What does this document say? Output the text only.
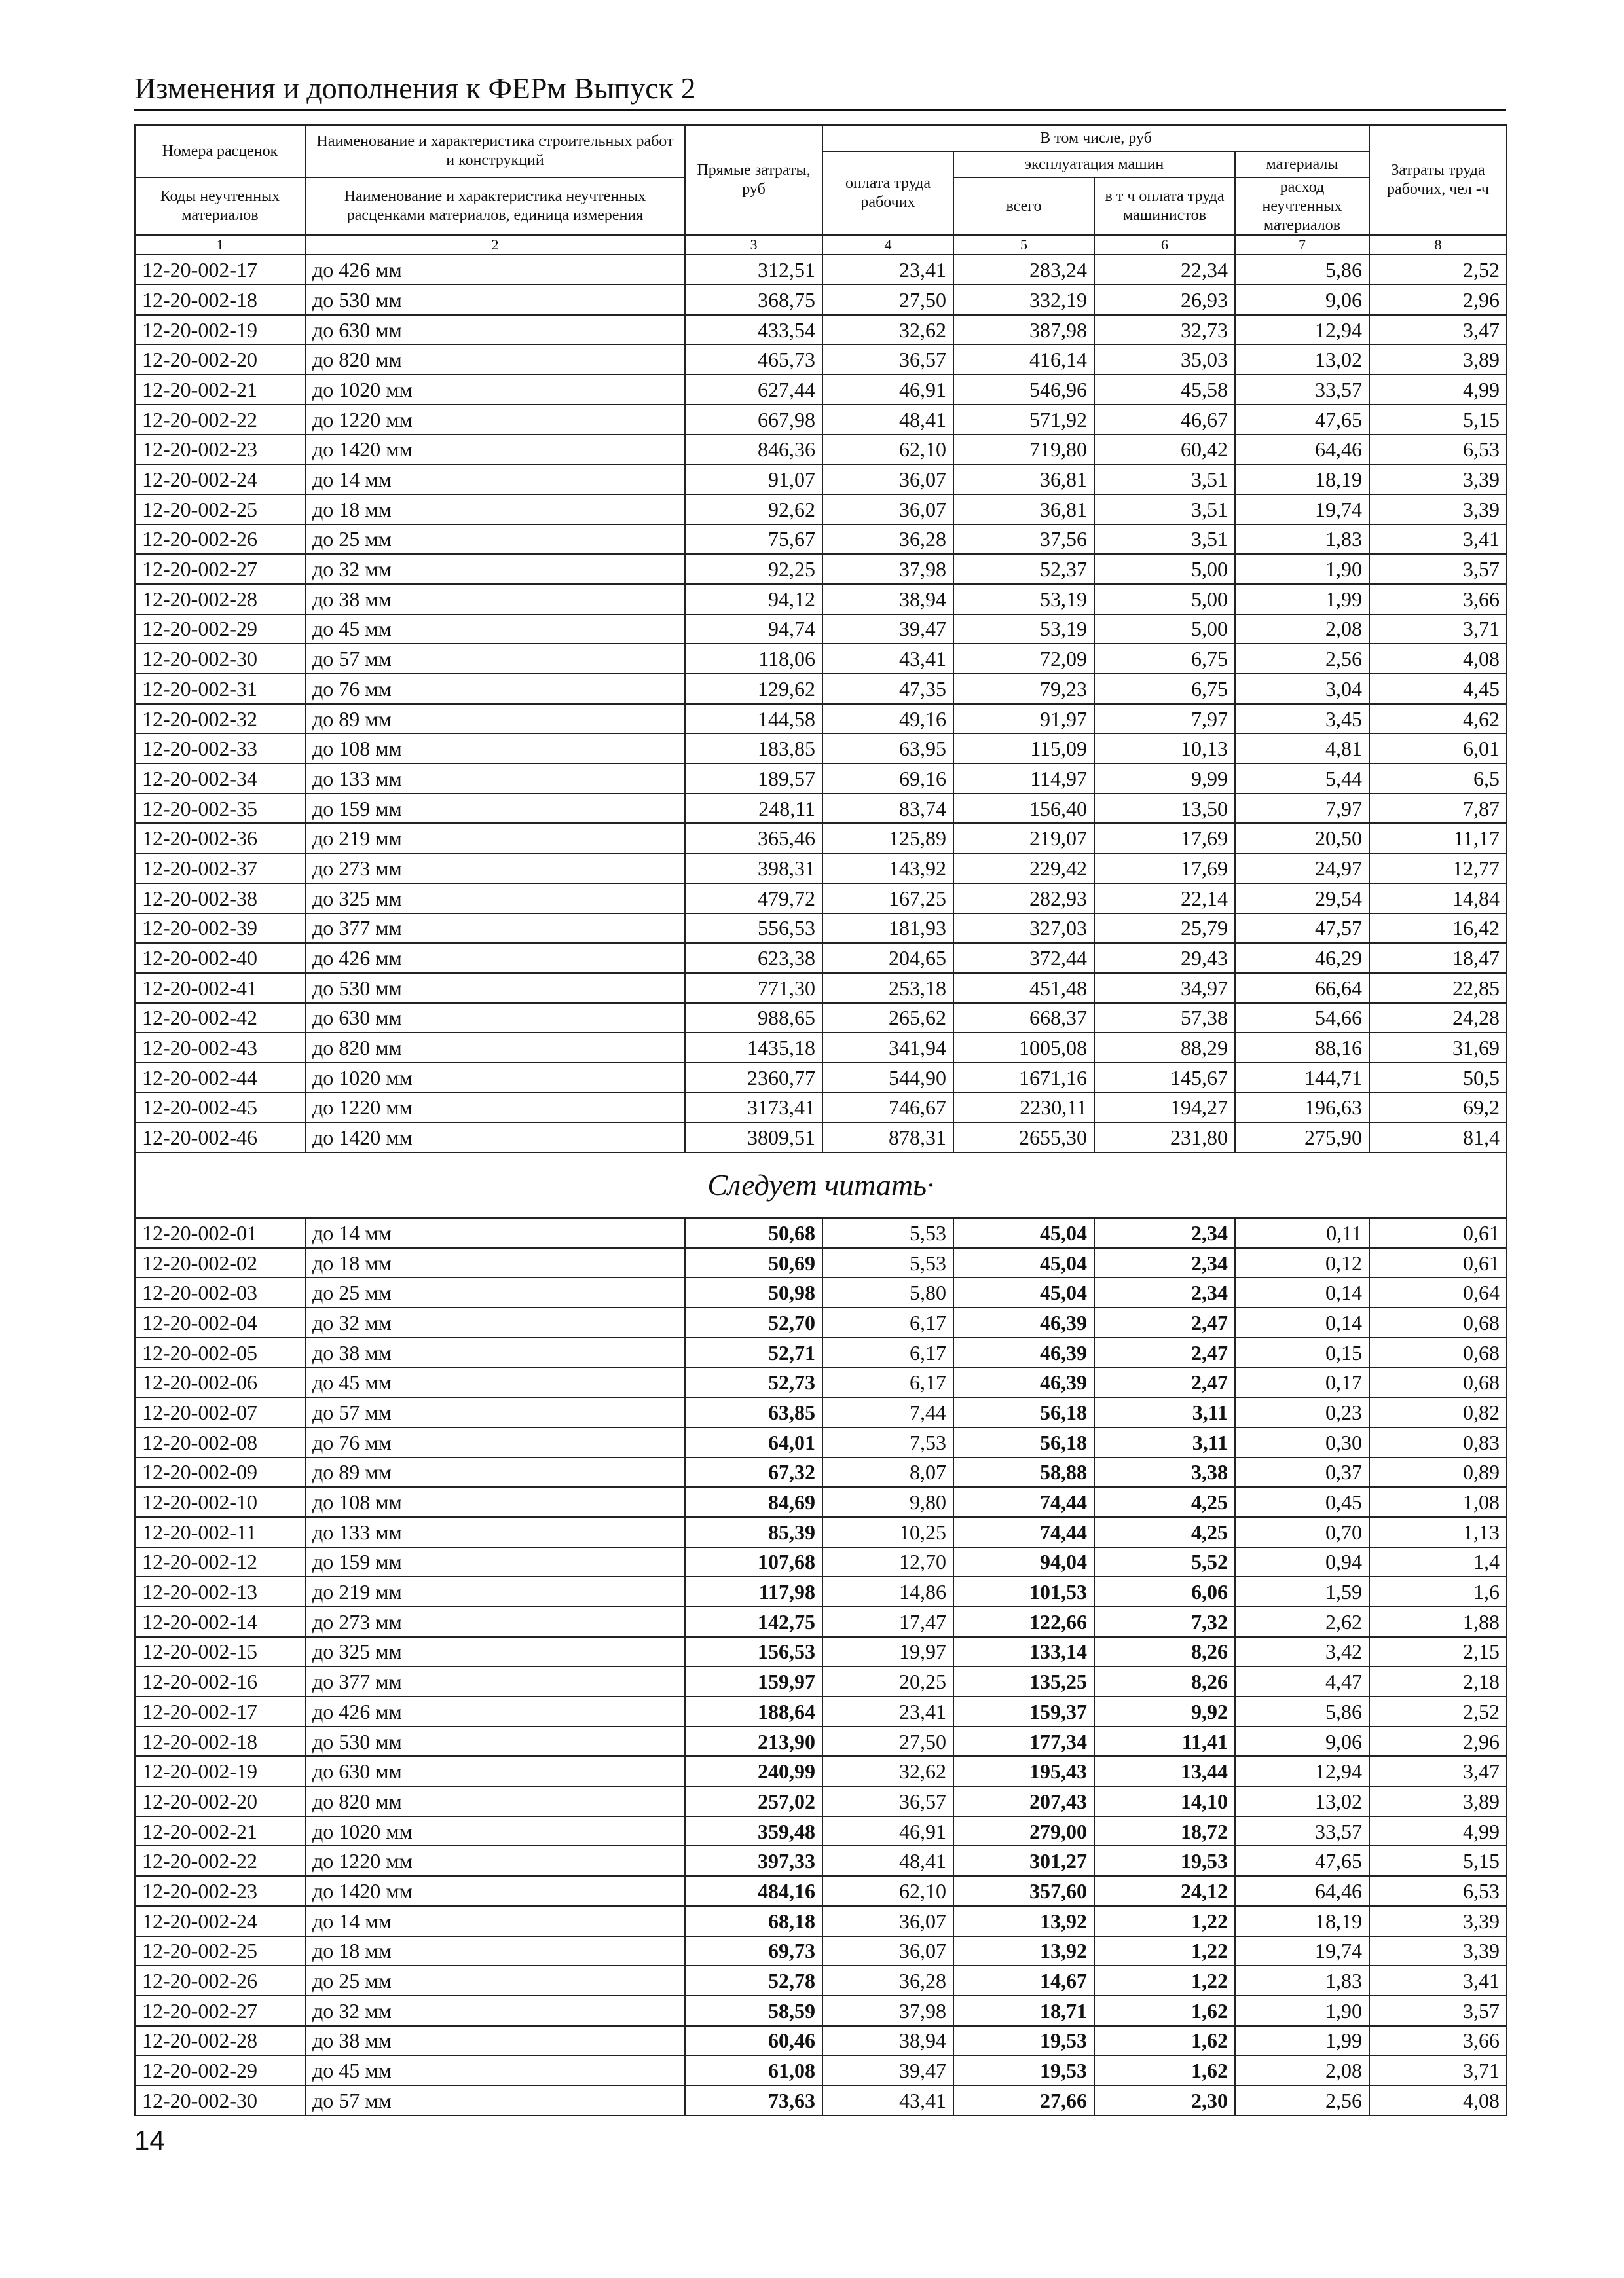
Изменения и дополнения к ФЕРм Выпуск 2
Номера расценок	Наименование и характеристика строительных работ и конструкций	Прямые затраты, руб	В том числе, руб				Затраты труда рабочих, чел -ч
			оплата труда рабочих	эксплуатация машин		материалы	
Коды неучтенных материалов	Наименование и характеристика неучтенных расценками материалов, единица измерения			всего	в т ч оплата труда машинистов	расход неучтенных материалов	

1	2	3	4	5	6	7	8
12-20-002-17	до 426 мм	312,51	23,41	283,24	22,34	5,86	2,52
12-20-002-18	до 530 мм	368,75	27,50	332,19	26,93	9,06	2,96
12-20-002-19	до 630 мм	433,54	32,62	387,98	32,73	12,94	3,47
12-20-002-20	до 820 мм	465,73	36,57	416,14	35,03	13,02	3,89
12-20-002-21	до 1020 мм	627,44	46,91	546,96	45,58	33,57	4,99
12-20-002-22	до 1220 мм	667,98	48,41	571,92	46,67	47,65	5,15
12-20-002-23	до 1420 мм	846,36	62,10	719,80	60,42	64,46	6,53
12-20-002-24	до 14 мм	91,07	36,07	36,81	3,51	18,19	3,39
12-20-002-25	до 18 мм	92,62	36,07	36,81	3,51	19,74	3,39
12-20-002-26	до 25 мм	75,67	36,28	37,56	3,51	1,83	3,41
12-20-002-27	до 32 мм	92,25	37,98	52,37	5,00	1,90	3,57
12-20-002-28	до 38 мм	94,12	38,94	53,19	5,00	1,99	3,66
12-20-002-29	до 45 мм	94,74	39,47	53,19	5,00	2,08	3,71
12-20-002-30	до 57 мм	118,06	43,41	72,09	6,75	2,56	4,08
12-20-002-31	до 76 мм	129,62	47,35	79,23	6,75	3,04	4,45
12-20-002-32	до 89 мм	144,58	49,16	91,97	7,97	3,45	4,62
12-20-002-33	до 108 мм	183,85	63,95	115,09	10,13	4,81	6,01
12-20-002-34	до 133 мм	189,57	69,16	114,97	9,99	5,44	6,5
12-20-002-35	до 159 мм	248,11	83,74	156,40	13,50	7,97	7,87
12-20-002-36	до 219 мм	365,46	125,89	219,07	17,69	20,50	11,17
12-20-002-37	до 273 мм	398,31	143,92	229,42	17,69	24,97	12,77
12-20-002-38	до 325 мм	479,72	167,25	282,93	22,14	29,54	14,84
12-20-002-39	до 377 мм	556,53	181,93	327,03	25,79	47,57	16,42
12-20-002-40	до 426 мм	623,38	204,65	372,44	29,43	46,29	18,47
12-20-002-41	до 530 мм	771,30	253,18	451,48	34,97	66,64	22,85
12-20-002-42	до 630 мм	988,65	265,62	668,37	57,38	54,66	24,28
12-20-002-43	до 820 мм	1435,18	341,94	1005,08	88,29	88,16	31,69
12-20-002-44	до 1020 мм	2360,77	544,90	1671,16	145,67	144,71	50,5
12-20-002-45	до 1220 мм	3173,41	746,67	2230,11	194,27	196,63	69,2
12-20-002-46	до 1420 мм	3809,51	878,31	2655,30	231,80	275,90	81,4
Следует читать·							
12-20-002-01	до 14 мм	50,68	5,53	45,04	2,34	0,11	0,61
12-20-002-02	до 18 мм	50,69	5,53	45,04	2,34	0,12	0,61
12-20-002-03	до 25 мм	50,98	5,80	45,04	2,34	0,14	0,64
12-20-002-04	до 32 мм	52,70	6,17	46,39	2,47	0,14	0,68
12-20-002-05	до 38 мм	52,71	6,17	46,39	2,47	0,15	0,68
12-20-002-06	до 45 мм	52,73	6,17	46,39	2,47	0,17	0,68
12-20-002-07	до 57 мм	63,85	7,44	56,18	3,11	0,23	0,82
12-20-002-08	до 76 мм	64,01	7,53	56,18	3,11	0,30	0,83
12-20-002-09	до 89 мм	67,32	8,07	58,88	3,38	0,37	0,89
12-20-002-10	до 108 мм	84,69	9,80	74,44	4,25	0,45	1,08
12-20-002-11	до 133 мм	85,39	10,25	74,44	4,25	0,70	1,13
12-20-002-12	до 159 мм	107,68	12,70	94,04	5,52	0,94	1,4
12-20-002-13	до 219 мм	117,98	14,86	101,53	6,06	1,59	1,6
12-20-002-14	до 273 мм	142,75	17,47	122,66	7,32	2,62	1,88
12-20-002-15	до 325 мм	156,53	19,97	133,14	8,26	3,42	2,15
12-20-002-16	до 377 мм	159,97	20,25	135,25	8,26	4,47	2,18
12-20-002-17	до 426 мм	188,64	23,41	159,37	9,92	5,86	2,52
12-20-002-18	до 530 мм	213,90	27,50	177,34	11,41	9,06	2,96
12-20-002-19	до 630 мм	240,99	32,62	195,43	13,44	12,94	3,47
12-20-002-20	до 820 мм	257,02	36,57	207,43	14,10	13,02	3,89
12-20-002-21	до 1020 мм	359,48	46,91	279,00	18,72	33,57	4,99
12-20-002-22	до 1220 мм	397,33	48,41	301,27	19,53	47,65	5,15
12-20-002-23	до 1420 мм	484,16	62,10	357,60	24,12	64,46	6,53
12-20-002-24	до 14 мм	68,18	36,07	13,92	1,22	18,19	3,39
12-20-002-25	до 18 мм	69,73	36,07	13,92	1,22	19,74	3,39
12-20-002-26	до 25 мм	52,78	36,28	14,67	1,22	1,83	3,41
12-20-002-27	до 32 мм	58,59	37,98	18,71	1,62	1,90	3,57
12-20-002-28	до 38 мм	60,46	38,94	19,53	1,62	1,99	3,66
12-20-002-29	до 45 мм	61,08	39,47	19,53	1,62	2,08	3,71
12-20-002-30	до 57 мм	73,63	43,41	27,66	2,30	2,56	4,08
14
